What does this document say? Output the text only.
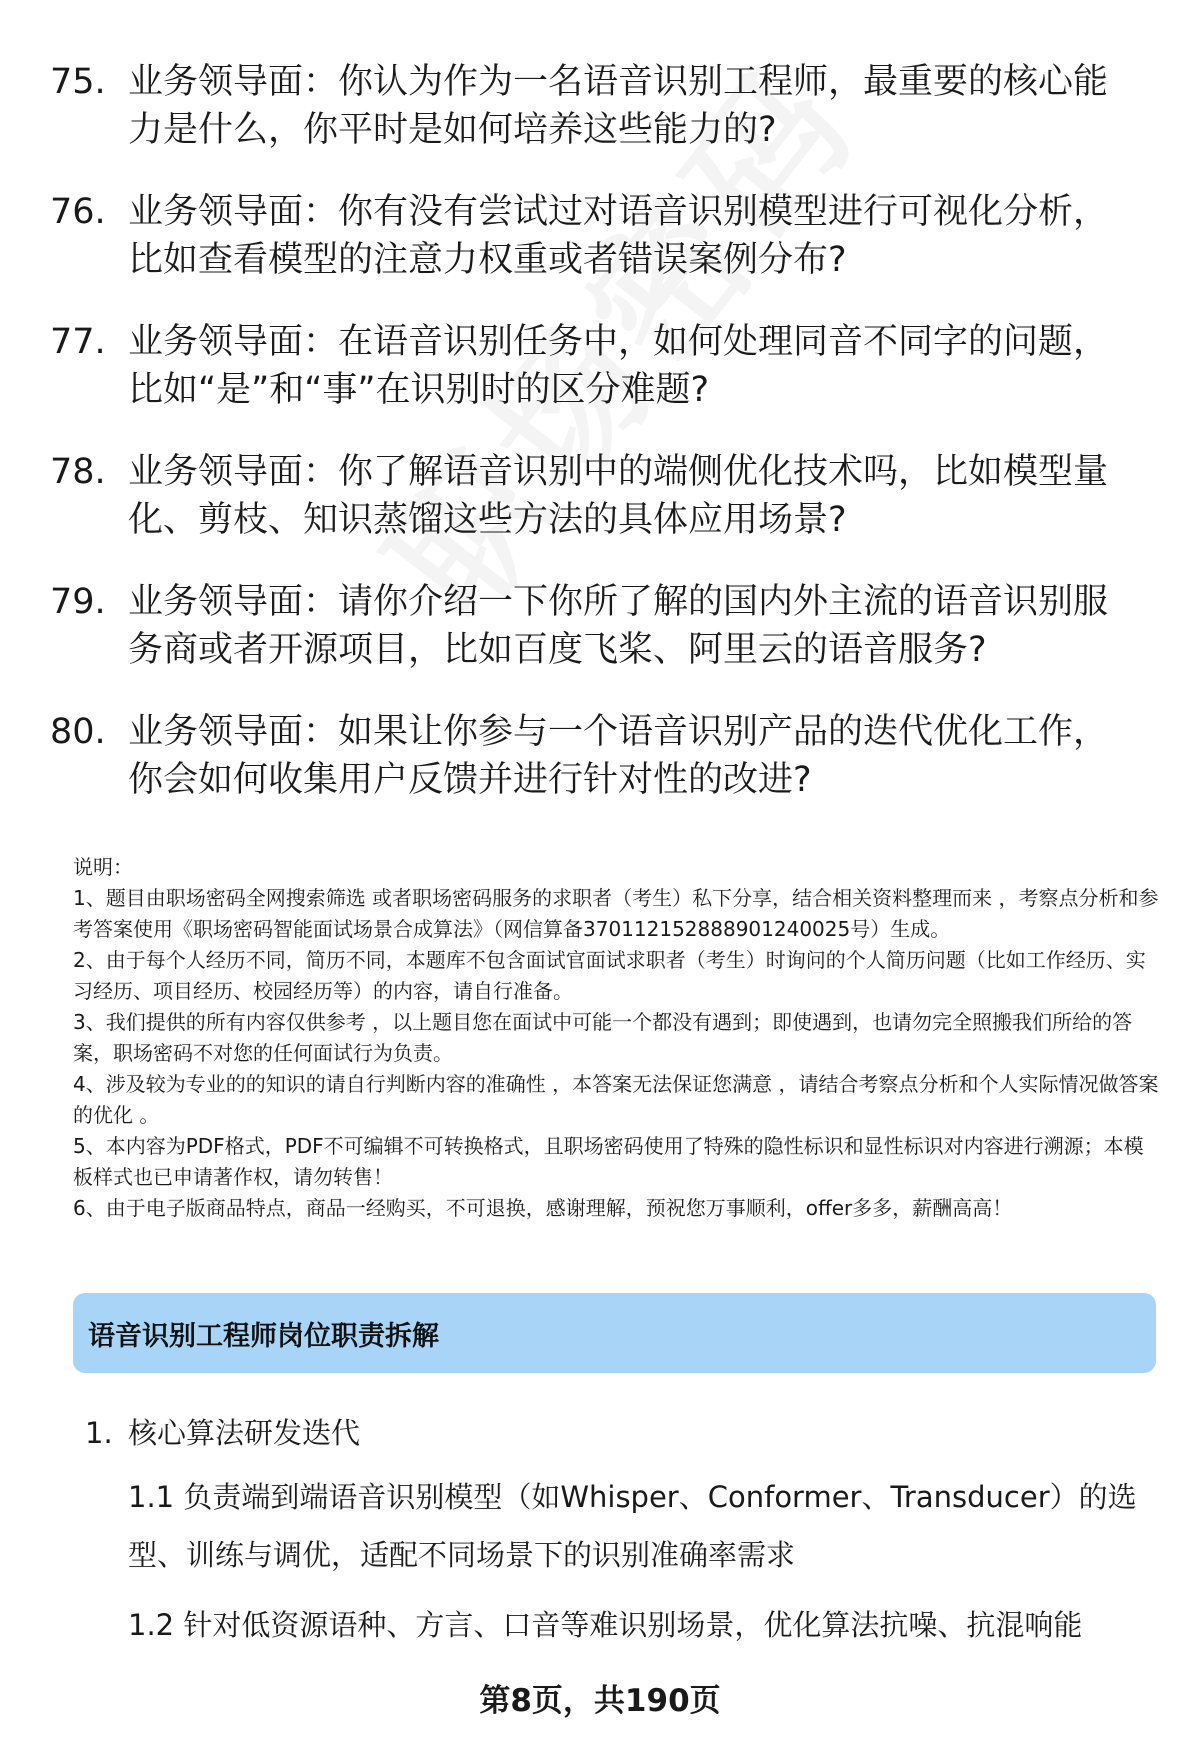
75. 业务领导面：你认为作为一名语音识别工程师，最重要的核心能力是什么，你平时是如何培养这些能力的?
76. 业务领导面：你有没有尝试过对语音识别模型进行可视化分析，比如查看模型的注意力权重或者错误案例分布?
77. 业务领导面：在语音识别任务中，如何处理同音不同字的问题，比如“是”和“事”在识别时的区分难题?
78. 业务领导面：你了解语音识别中的端侧优化技术吗，比如模型量化、剪枝、知识蒸馏这些方法的具体应用场景?
79. 业务领导面：请你介绍一下你所了解的国内外主流的语音识别服务商或者开源项目，比如百度飞桨、阿里云的语音服务?
80. 业务领导面：如果让你参与一个语音识别产品的迭代优化工作，你会如何收集用户反馈并进行针对性的改进?

说明：

1、题目由职场密码全网搜索筛选 或者职场密码服务的求职者（考生）私下分享，结合相关资料整理而来 ，考察点分析和参考答案使用《职场密码智能面试场景合成算法》（网信算备370112152888901240025号）生成。

2、由于每个人经历不同，简历不同，本题库不包含面试官面试求职者（考生）时询问的个人简历问题（比如工作经历、实习经历、项目经历、校园经历等）的内容，请自行准备。

3、我们提供的所有内容仅供参考 ，以上题目您在面试中可能一个都没有遇到；即使遇到，也请勿完全照搬我们所给的答案，职场密码不对您的任何面试行为负责。

4、涉及较为专业的的知识的请自行判断内容的准确性 ，本答案无法保证您满意 ，请结合考察点分析和个人实际情况做答案的优化 。

5、本内容为PDF格式，PDF不可编辑不可转换格式，且职场密码使用了特殊的隐性标识和显性标识对内容进行溯源；本模板样式也已申请著作权，请勿转售！

6、由于电子版商品特点，商品一经购买，不可退换，感谢理解，预祝您万事顺利，offer多多，薪酬高高！

语音识别工程师岗位职责拆解
1. 核心算法研发迭代
1.1 负责端到端语音识别模型（如Whisper、Conformer、Transducer）的选型、训练与调优，适配不同场景下的识别准确率需求
1.2 针对低资源语种、方言、口音等难识别场景，优化算法抗噪、抗混响能
第8页，共190页
